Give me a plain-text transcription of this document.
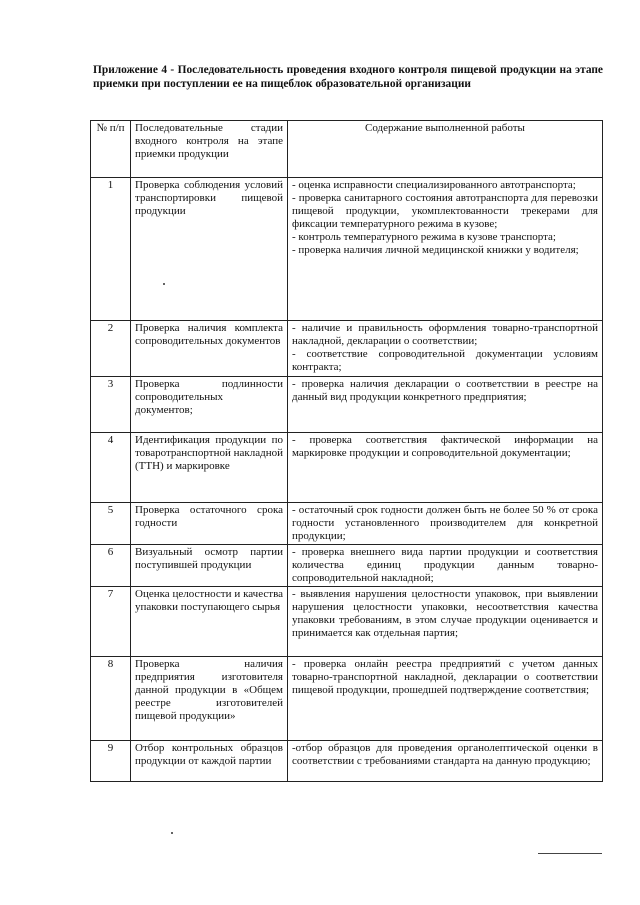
Приложение 4 - Последовательность проведения входного контроля пищевой продукции на этапе приемки при поступлении ее на пищеблок образовательной организации
№ п/п	Последовательные стадии входного контроля на этапе приемки продукции	Содержание выполненной работы
1	Проверка соблюдения условий транспортировки пищевой продукции	- оценка исправности специализированного автотранспорта;
- проверка санитарного состояния автотранспорта для перевозки пищевой продукции, укомплектованности трекерами для фиксации температурного режима в кузове;
- контроль температурного режима в кузове транспорта;
- проверка наличия личной медицинской книжки у водителя;

2	Проверка наличия комплекта сопроводительных документов	- наличие и правильность оформления товарно-транспортной накладной, декларации о соответствии;
- соответствие сопроводительной документации условиям контракта;

3	Проверка подлинности сопроводительных документов;	- проверка наличия декларации о соответствии в реестре на данный вид продукции конкретного предприятия;

4	Идентификация продукции по товаротранспортной накладной (ТТН) и маркировке	- проверка соответствия фактической информации на маркировке продукции и сопроводительной документации;

5	Проверка остаточного срока годности	- остаточный срок годности должен быть не более 50 % от срока годности установленного производителем для конкретной продукции;

6	Визуальный осмотр партии поступившей продукции	- проверка внешнего вида партии продукции и соответствия количества единиц продукции данным товарно-сопроводительной накладной;

7	Оценка целостности и качества упаковки поступающего сырья	- выявления нарушения целостности упаковок, при выявлении нарушения целостности упаковки, несоответствия качества упаковки требованиям, в этом случае продукции оценивается и принимается как отдельная партия;

8	Проверка наличия предприятия изготовителя данной продукции в «Общем реестре изготовителей пищевой продукции»	- проверка онлайн реестра предприятий с учетом данных товарно-транспортной накладной, декларации о соответствии пищевой продукции, прошедшей подтверждение соответствия;

9	Отбор контрольных образцов продукции от каждой партии	-отбор образцов для проведения органолептической оценки в соответствии с требованиями стандарта на данную продукцию;
